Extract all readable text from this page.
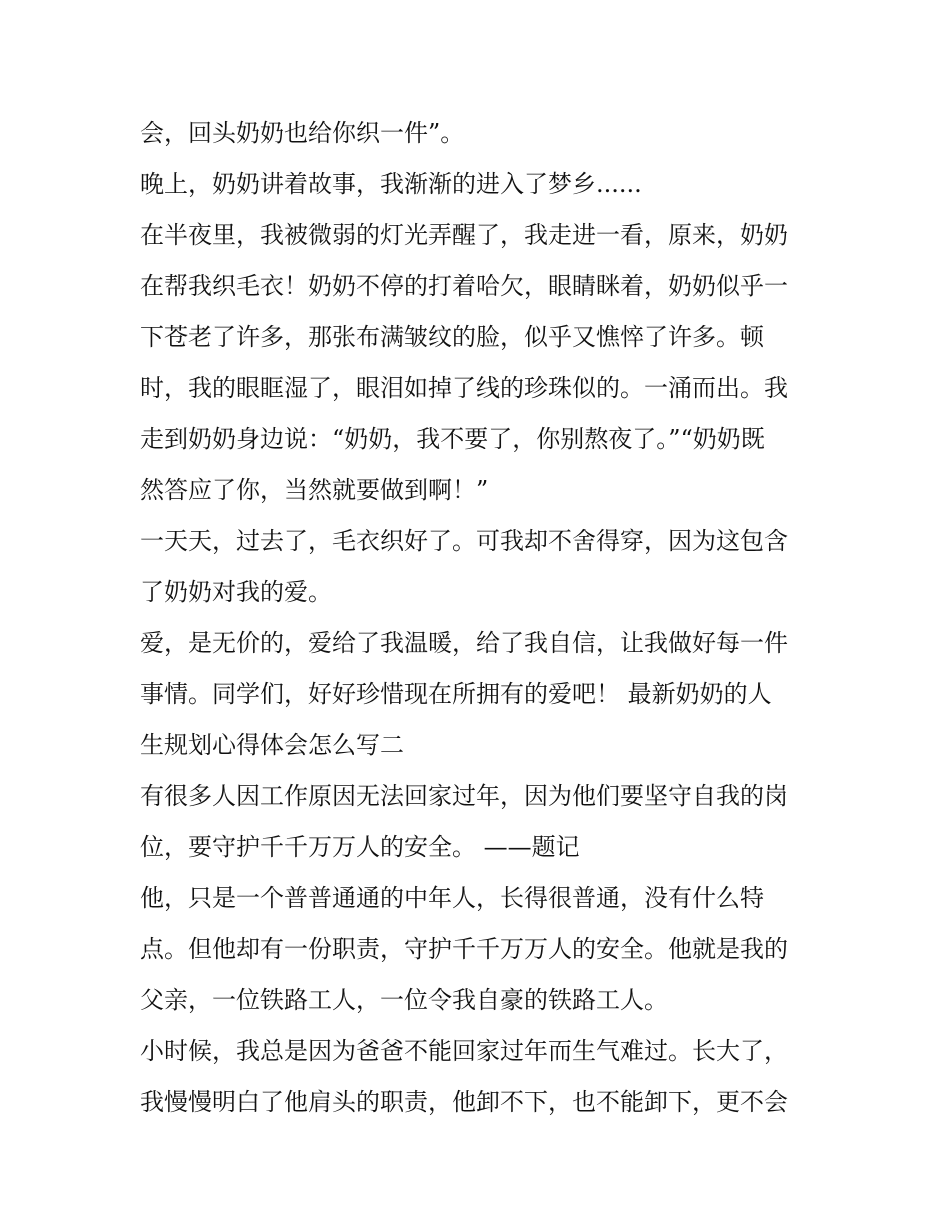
会，回头奶奶也给你织一件”。
晚上，奶奶讲着故事，我渐渐的进入了梦乡......
在半夜里，我被微弱的灯光弄醒了，我走进一看，原来，奶奶
在帮我织毛衣！奶奶不停的打着哈欠，眼睛眯着，奶奶似乎一
下苍老了许多，那张布满皱纹的脸，似乎又憔悴了许多。顿
时，我的眼眶湿了，眼泪如掉了线的珍珠似的。一涌而出。我
走到奶奶身边说：“奶奶，我不要了，你别熬夜了。”“奶奶既
然答应了你，当然就要做到啊！”
一天天，过去了，毛衣织好了。可我却不舍得穿，因为这包含
了奶奶对我的爱。
爱，是无价的，爱给了我温暖，给了我自信，让我做好每一件
事情。同学们，好好珍惜现在所拥有的爱吧！ 最新奶奶的人
生规划心得体会怎么写二
有很多人因工作原因无法回家过年，因为他们要坚守自我的岗
位，要守护千千万万人的安全。 ——题记
他，只是一个普普通通的中年人，长得很普通，没有什么特
点。但他却有一份职责，守护千千万万人的安全。他就是我的
父亲，一位铁路工人，一位令我自豪的铁路工人。
小时候，我总是因为爸爸不能回家过年而生气难过。长大了，
我慢慢明白了他肩头的职责，他卸不下，也不能卸下，更不会
